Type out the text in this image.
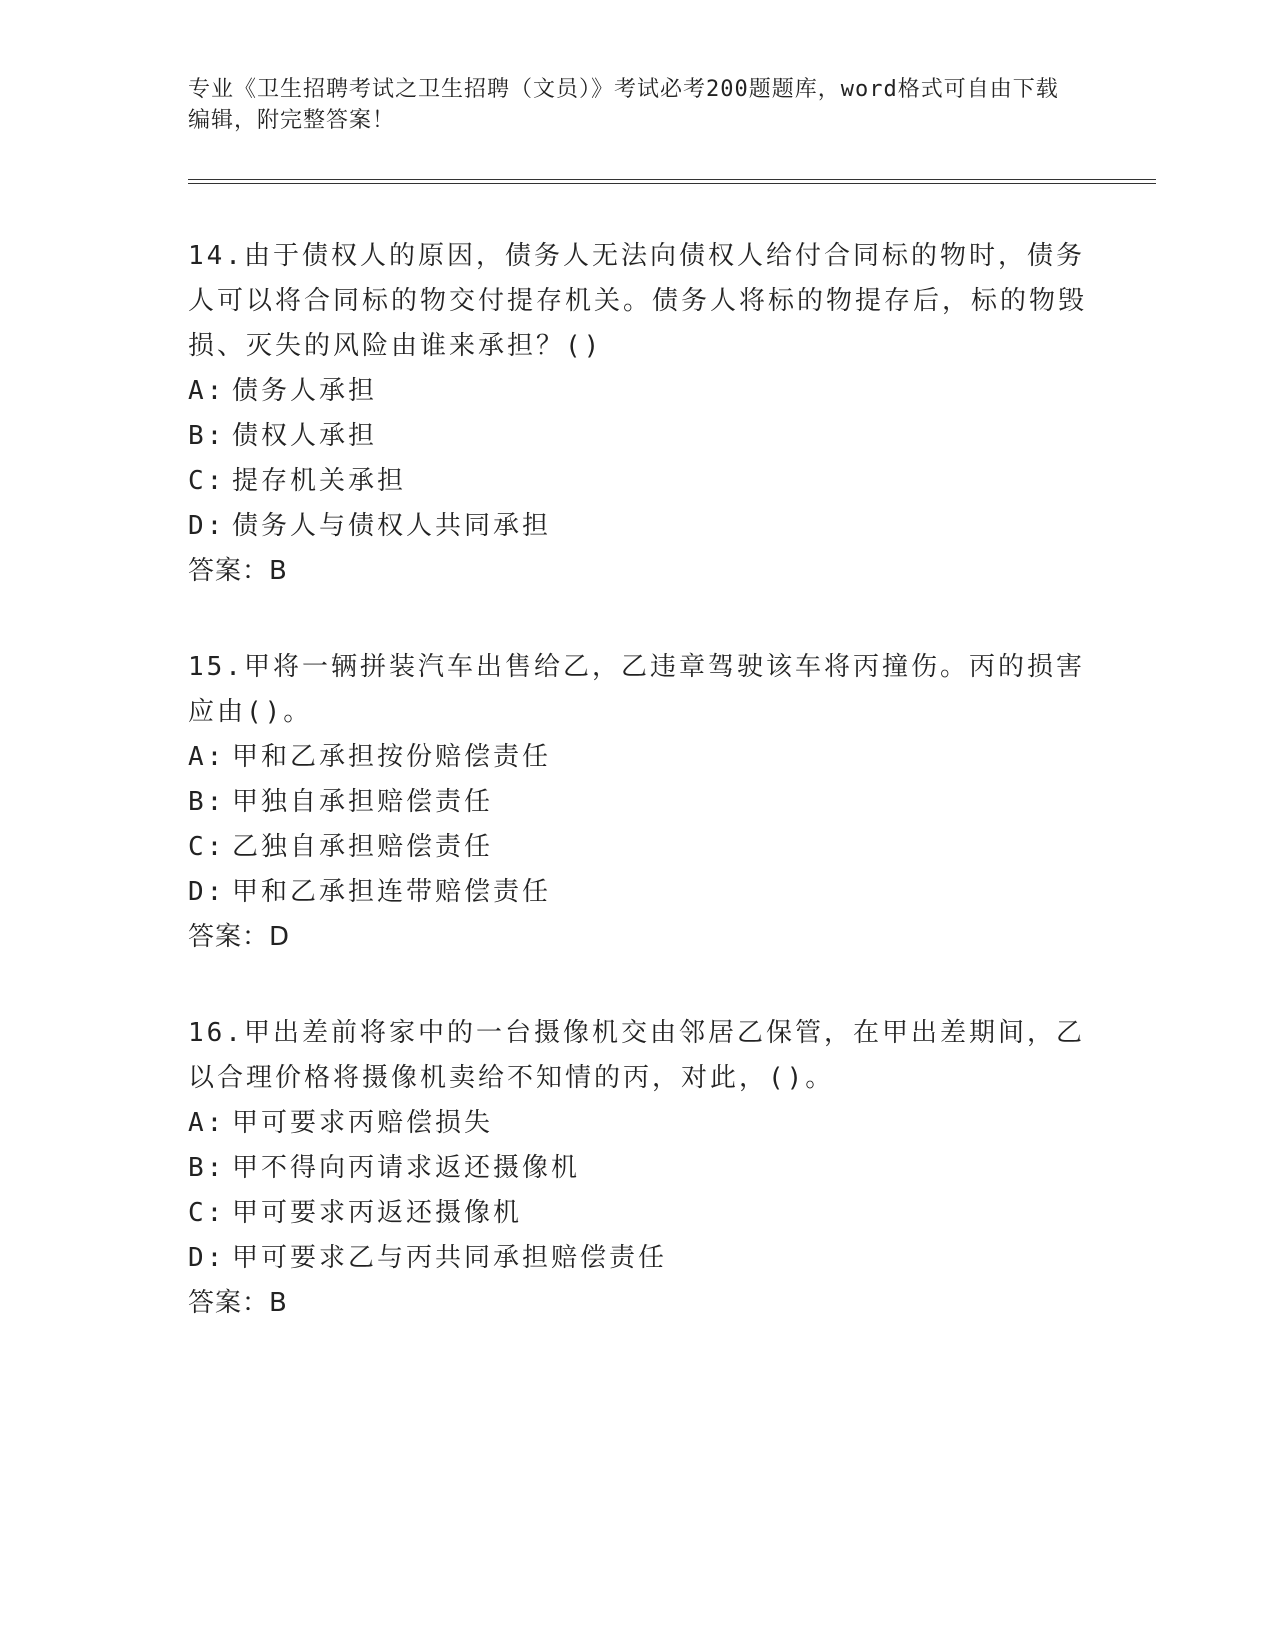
专业《卫生招聘考试之卫生招聘（文员）》考试必考200题题库，word格式可自由下载编辑，附完整答案！

14.由于债权人的原因，债务人无法向债权人给付合同标的物时，债务人可以将合同标的物交付提存机关。债务人将标的物提存后，标的物毁损、灭失的风险由谁来承担？()

A: 债务人承担

B: 债权人承担

C: 提存机关承担

D: 债务人与债权人共同承担

答案：B

15.甲将一辆拼装汽车出售给乙，乙违章驾驶该车将丙撞伤。丙的损害应由()。

A: 甲和乙承担按份赔偿责任

B: 甲独自承担赔偿责任

C: 乙独自承担赔偿责任

D: 甲和乙承担连带赔偿责任

答案：D

16.甲出差前将家中的一台摄像机交由邻居乙保管，在甲出差期间，乙以合理价格将摄像机卖给不知情的丙，对此，()。

A: 甲可要求丙赔偿损失

B: 甲不得向丙请求返还摄像机

C: 甲可要求丙返还摄像机

D: 甲可要求乙与丙共同承担赔偿责任

答案：B
